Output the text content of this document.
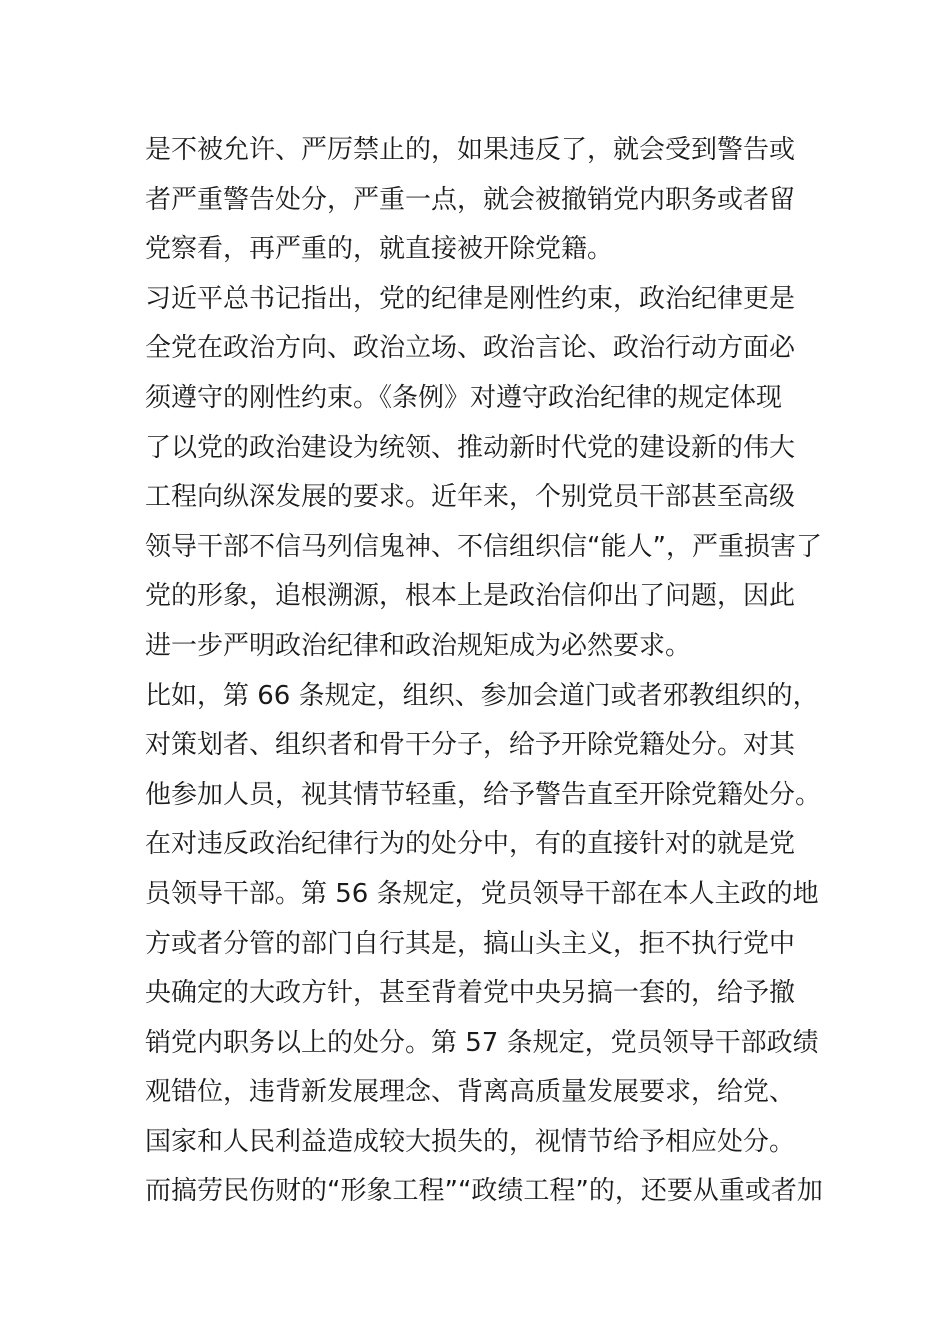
是不被允许、严厉禁止的，如果违反了，就会受到警告或
者严重警告处分，严重一点，就会被撤销党内职务或者留
党察看，再严重的，就直接被开除党籍。
习近平总书记指出，党的纪律是刚性约束，政治纪律更是
全党在政治方向、政治立场、政治言论、政治行动方面必
须遵守的刚性约束。《条例》对遵守政治纪律的规定体现
了以党的政治建设为统领、推动新时代党的建设新的伟大
工程向纵深发展的要求。近年来，个别党员干部甚至高级
领导干部不信马列信鬼神、不信组织信“能人”，严重损害了
党的形象，追根溯源，根本上是政治信仰出了问题，因此
进一步严明政治纪律和政治规矩成为必然要求。
比如，第 66 条规定，组织、参加会道门或者邪教组织的，
对策划者、组织者和骨干分子，给予开除党籍处分。对其
他参加人员，视其情节轻重，给予警告直至开除党籍处分。
在对违反政治纪律行为的处分中，有的直接针对的就是党
员领导干部。第 56 条规定，党员领导干部在本人主政的地
方或者分管的部门自行其是，搞山头主义，拒不执行党中
央确定的大政方针，甚至背着党中央另搞一套的，给予撤
销党内职务以上的处分。第 57 条规定，党员领导干部政绩
观错位，违背新发展理念、背离高质量发展要求，给党、
国家和人民利益造成较大损失的，视情节给予相应处分。
而搞劳民伤财的“形象工程”“政绩工程”的，还要从重或者加
